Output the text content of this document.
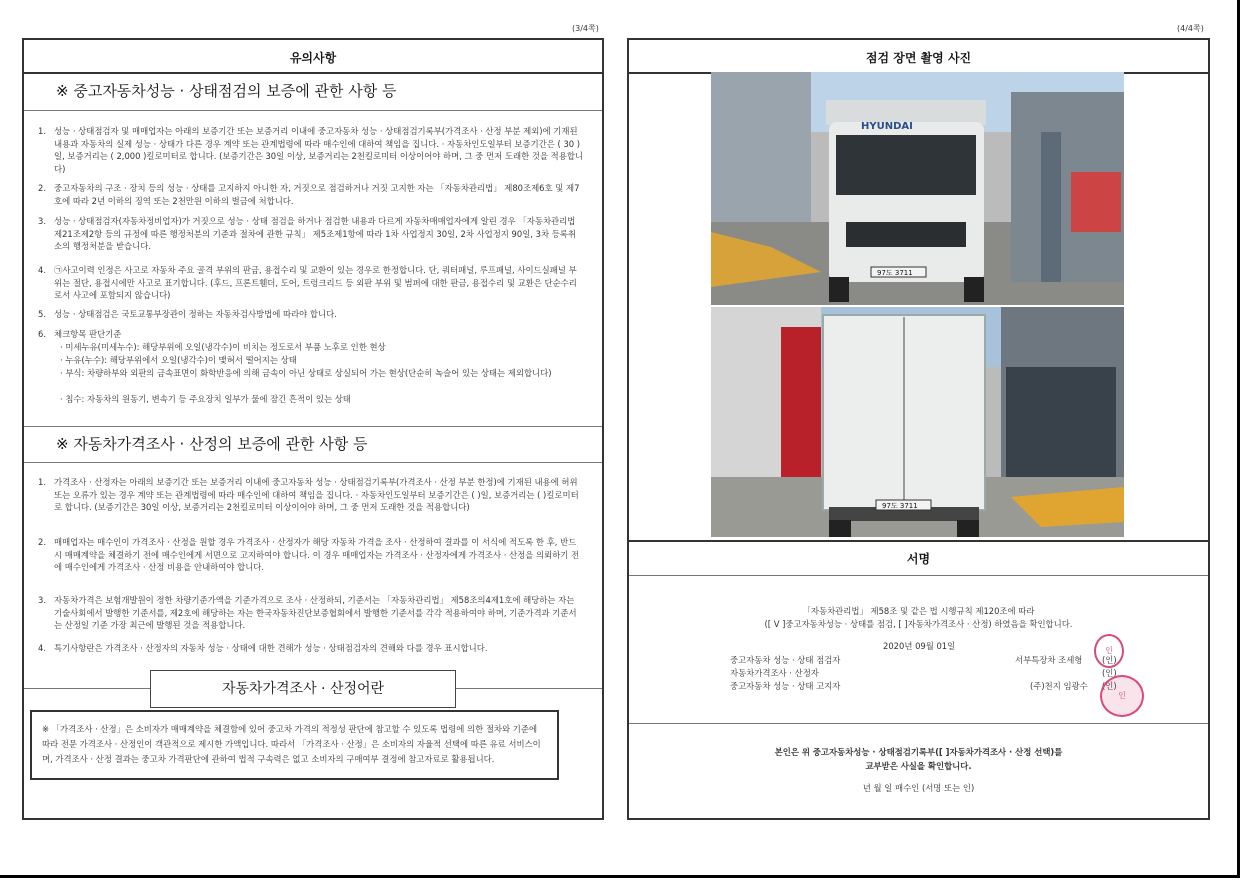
(3/4쪽)	(4/4쪽)
유의사항
※ 중고자동차성능 · 상태점검의 보증에 관한 사항 등
1. 성능 · 상태점검자 및 매매업자는 아래의 보증기간 또는 보증거리 이내에 중고자동차 성능 · 상태점검기록부(가격조사 · 산정 부분 제외)에 기재된 내용과 자동차의 실제 성능 · 상태가 다른 경우 계약 또는 관계법령에 따라 매수인에 대하여 책임을 집니다. · 자동차인도일부터 보증기간은 ( 30 )일, 보증거리는 ( 2,000 )킬로미터로 합니다. (보증기간은 30일 이상, 보증거리는 2천킬로미터 이상이어야 하며, 그 중 먼저 도래한 것을 적용합니다)
2. 중고자동차의 구조 · 장치 등의 성능 · 상태를 고지하지 아니한 자, 거짓으로 점검하거나 거짓 고지한 자는 「자동차관리법」 제80조제6호 및 제7호에 따라 2년 이하의 징역 또는 2천만원 이하의 벌금에 처합니다.
3. 성능 · 상태점검자(자동차정비업자)가 거짓으로 성능 · 상태 점검을 하거나 점검한 내용과 다르게 자동차매매업자에게 알린 경우 「자동차관리법 제21조제2항 등의 규정에 따른 행정처분의 기준과 절차에 관한 규칙」 제5조제1항에 따라 1차 사업정지 30일, 2차 사업정지 90일, 3차 등록취소의 행정처분을 받습니다.
4. ㉠사고이력 인정은 사고로 자동차 주요 골격 부위의 판금, 용접수리 및 교환이 있는 경우로 한정합니다. 단, 쿼터패널, 루프패널, 사이드실패널 부위는 절단, 용접시에만 사고로 표기합니다. (후드, 프론트휀더, 도어, 트렁크리드 등 외판 부위 및 범퍼에 대한 판금, 용접수리 및 교환은 단순수리로서 사고에 포함되지 않습니다)
5. 성능 · 상태점검은 국토교통부장관이 정하는 자동차검사방법에 따라야 합니다.
6. 체크항목 판단기준
· 미세누유(미세누수): 해당부위에 오일(냉각수)이 비치는 정도로서 부품 노후로 인한 현상
· 누유(누수): 해당부위에서 오일(냉각수)이 맺혀서 떨어지는 상태
· 부식: 차량하부와 외판의 금속표면이 화학반응에 의해 금속이 아닌 상태로 상실되어 가는 현상(단순히 녹슬어 있는 상태는 제외합니다)
· 침수: 자동차의 원동기, 변속기 등 주요장치 일부가 물에 잠긴 흔적이 있는 상태
※ 자동차가격조사 · 산정의 보증에 관한 사항 등
1. 가격조사 · 산정자는 아래의 보증기간 또는 보증거리 이내에 중고자동차 성능 · 상태점검기록부(가격조사 · 산정 부분 한정)에 기재된 내용에 허위 또는 오류가 있는 경우 계약 또는 관계법령에 따라 매수인에 대하여 책임을 집니다. · 자동차인도일부터 보증기간은 ( )일, 보증거리는 ( )킬로미터로 합니다. (보증기간은 30일 이상, 보증거리는 2천킬로미터 이상이어야 하며, 그 중 먼저 도래한 것을 적용합니다)
2. 매매업자는 매수인이 가격조사 · 산정을 원할 경우 가격조사 · 산정자가 해당 자동차 가격을 조사 · 산정하여 결과를 이 서식에 적도록 한 후, 반드시 매매계약을 체결하기 전에 매수인에게 서면으로 고지하여야 합니다. 이 경우 매매업자는 가격조사 · 산정자에게 가격조사 · 산정을 의뢰하기 전에 매수인에게 가격조사 · 산정 비용을 안내하여야 합니다.
3. 자동차가격은 보험개발원이 정한 차량기준가액을 기준가격으로 조사 · 산정하되, 기준서는 「자동차관리법」 제58조의4제1호에 해당하는 자는 기술사회에서 발행한 기준서를, 제2호에 해당하는 자는 한국자동차진단보증협회에서 발행한 기준서를 각각 적용하여야 하며, 기준가격과 기준서는 산정일 기준 가장 최근에 발행된 것을 적용합니다.
4. 특기사항란은 가격조사 · 산정자의 자동차 성능 · 상태에 대한 견해가 성능 · 상태점검자의 견해와 다를 경우 표시합니다.
자동차가격조사 · 산정어란
※ 「가격조사 · 산정」은 소비자가 매매계약을 체결함에 있어 중고차 가격의 적정성 판단에 참고할 수 있도록 법령에 의한 절차와 기준에 따라 전문 가격조사 · 산정인이 객관적으로 제시한 가액입니다. 따라서 「가격조사 · 산정」은 소비자의 자율적 선택에 따른 유료 서비스이며, 가격조사 · 산정 결과는 중고차 가격판단에 관하여 법적 구속력은 없고 소비자의 구매여부 결정에 참고자료로 활용됩니다.
점검 장면 촬영 사진
서명
HYUNDAI
97도 3711
97도 3711
「자동차관리법」 제58조 및 같은 법 시행규칙 제120조에 따라
([ V ]중고자동차성능 · 상태를 점검, [ ]자동차가격조사 · 산정) 하였음을 확인합니다.
2020년 09월 01일
중고자동차 성능 · 상태 점검자	서부특장차 조세형 (인)
자동차가격조사 · 산정자	(인)
중고자동차 성능 · 상태 고지자	(주)천지 임광수 (인)
인
인
본인은 위 중고자동차성능 · 상태점검기록부([ ]자동차가격조사 · 산정 선택)를
교부받은 사실을 확인합니다.
년 월 일 매수인 (서명 또는 인)
